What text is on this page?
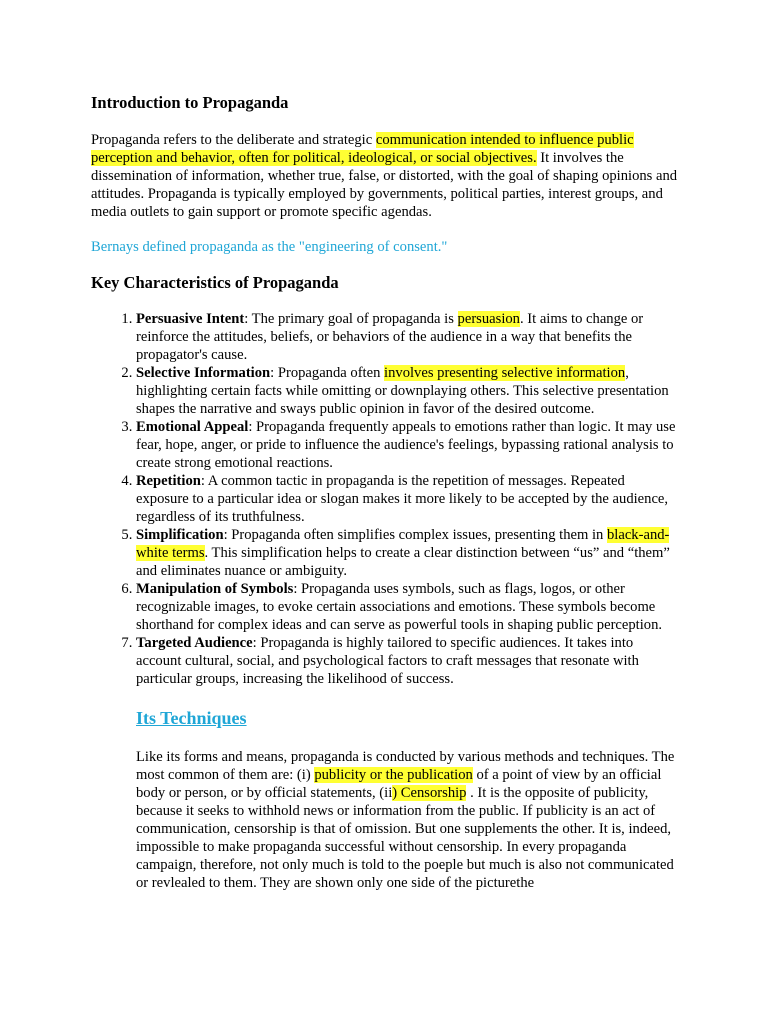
Introduction to Propaganda

Propaganda refers to the deliberate and strategic communication intended to influence public perception and behavior, often for political, ideological, or social objectives. It involves the dissemination of information, whether true, false, or distorted, with the goal of shaping opinions and attitudes. Propaganda is typically employed by governments, political parties, interest groups, and media outlets to gain support or promote specific agendas.

Bernays defined propaganda as the "engineering of consent."

Key Characteristics of Propaganda
1. Persuasive Intent: The primary goal of propaganda is persuasion. It aims to change or reinforce the attitudes, beliefs, or behaviors of the audience in a way that benefits the propagator's cause.
2. Selective Information: Propaganda often involves presenting selective information, highlighting certain facts while omitting or downplaying others. This selective presentation shapes the narrative and sways public opinion in favor of the desired outcome.
3. Emotional Appeal: Propaganda frequently appeals to emotions rather than logic. It may use fear, hope, anger, or pride to influence the audience's feelings, bypassing rational analysis to create strong emotional reactions.
4. Repetition: A common tactic in propaganda is the repetition of messages. Repeated exposure to a particular idea or slogan makes it more likely to be accepted by the audience, regardless of its truthfulness.
5. Simplification: Propaganda often simplifies complex issues, presenting them in black-and-white terms. This simplification helps to create a clear distinction between “us” and “them” and eliminates nuance or ambiguity.
6. Manipulation of Symbols: Propaganda uses symbols, such as flags, logos, or other recognizable images, to evoke certain associations and emotions. These symbols become shorthand for complex ideas and can serve as powerful tools in shaping public perception.
7. Targeted Audience: Propaganda is highly tailored to specific audiences. It takes into account cultural, social, and psychological factors to craft messages that resonate with particular groups, increasing the likelihood of success.
Its Techniques

Like its forms and means, propaganda is conducted by various methods and techniques. The most common of them are: (i) publicity or the publication of a point of view by an official body or person, or by official statements, (ii) Censorship . It is the opposite of publicity, because it seeks to withhold news or information from the public. If publicity is an act of communication, censorship is that of omission. But one supplements the other. It is, indeed, impossible to make propaganda successful without censorship. In every propaganda campaign, therefore, not only much is told to the poeple but much is also not communicated or revlealed to them. They are shown only one side of the picturethe
